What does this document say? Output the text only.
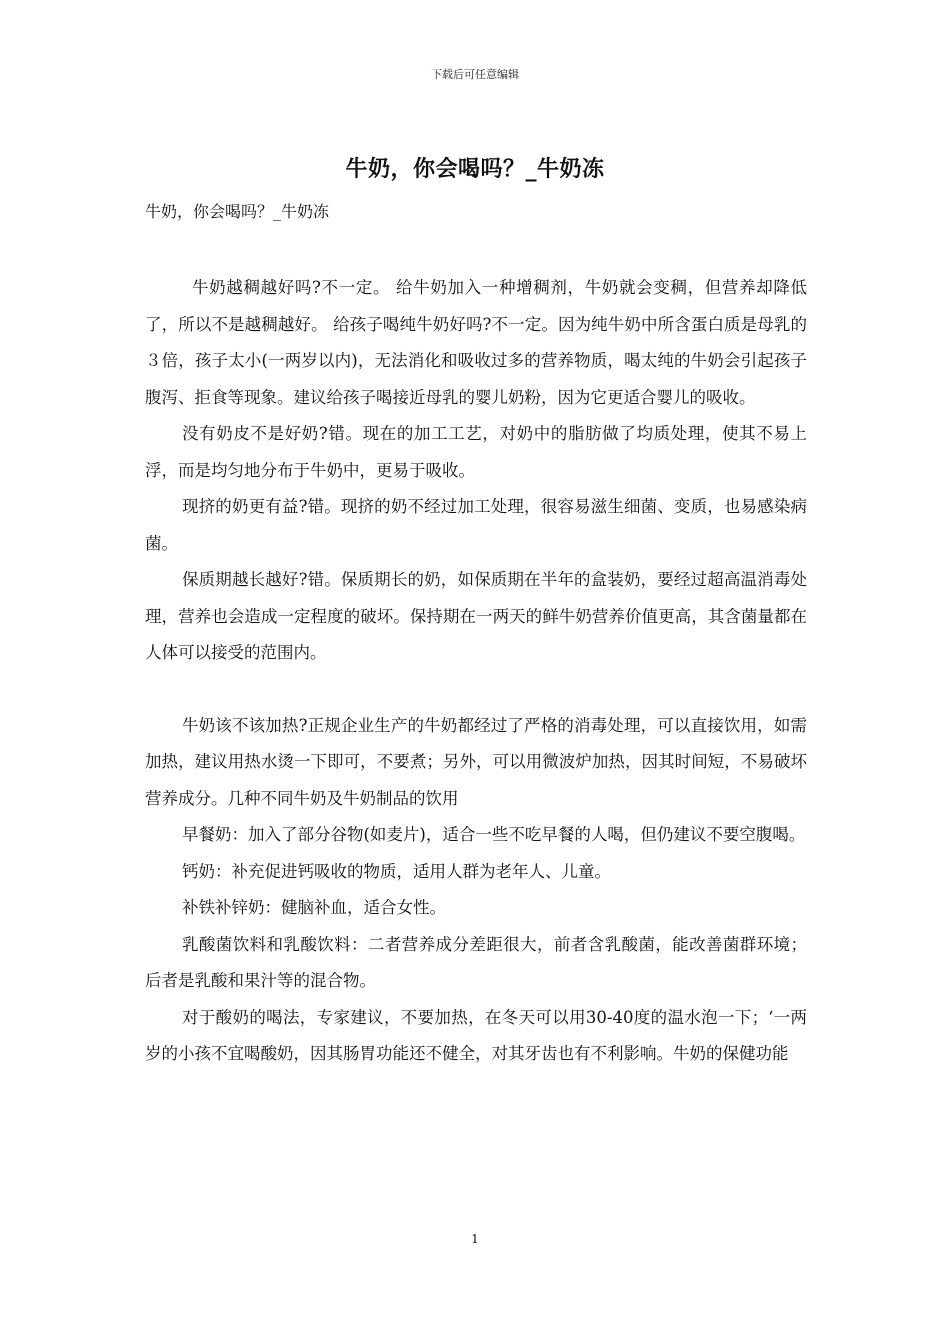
下载后可任意编辑
牛奶，你会喝吗？_牛奶冻
牛奶，你会喝吗？_牛奶冻

牛奶越稠越好吗?不一定。 给牛奶加入一种增稠剂，牛奶就会变稠，但营养却降低了，所以不是越稠越好。 给孩子喝纯牛奶好吗?不一定。因为纯牛奶中所含蛋白质是母乳的３倍，孩子太小(一两岁以内)，无法消化和吸收过多的营养物质，喝太纯的牛奶会引起孩子腹泻、拒食等现象。建议给孩子喝接近母乳的婴儿奶粉，因为它更适合婴儿的吸收。

没有奶皮不是好奶?错。现在的加工工艺，对奶中的脂肪做了均质处理，使其不易上浮，而是均匀地分布于牛奶中，更易于吸收。

现挤的奶更有益?错。现挤的奶不经过加工处理，很容易滋生细菌、变质，也易感染病菌。

保质期越长越好?错。保质期长的奶，如保质期在半年的盒装奶，要经过超高温消毒处理，营养也会造成一定程度的破坏。保持期在一两天的鲜牛奶营养价值更高，其含菌量都在人体可以接受的范围内。

牛奶该不该加热?正规企业生产的牛奶都经过了严格的消毒处理，可以直接饮用，如需加热，建议用热水烫一下即可，不要煮；另外，可以用微波炉加热，因其时间短，不易破坏营养成分。几种不同牛奶及牛奶制品的饮用

早餐奶：加入了部分谷物(如麦片)，适合一些不吃早餐的人喝，但仍建议不要空腹喝。

钙奶：补充促进钙吸收的物质，适用人群为老年人、儿童。

补铁补锌奶：健脑补血，适合女性。

乳酸菌饮料和乳酸饮料：二者营养成分差距很大，前者含乳酸菌，能改善菌群环境；后者是乳酸和果汁等的混合物。

对于酸奶的喝法，专家建议，不要加热，在冬天可以用30-40度的温水泡一下；‘一两岁的小孩不宜喝酸奶，因其肠胃功能还不健全，对其牙齿也有不利影响。牛奶的保健功能

1
